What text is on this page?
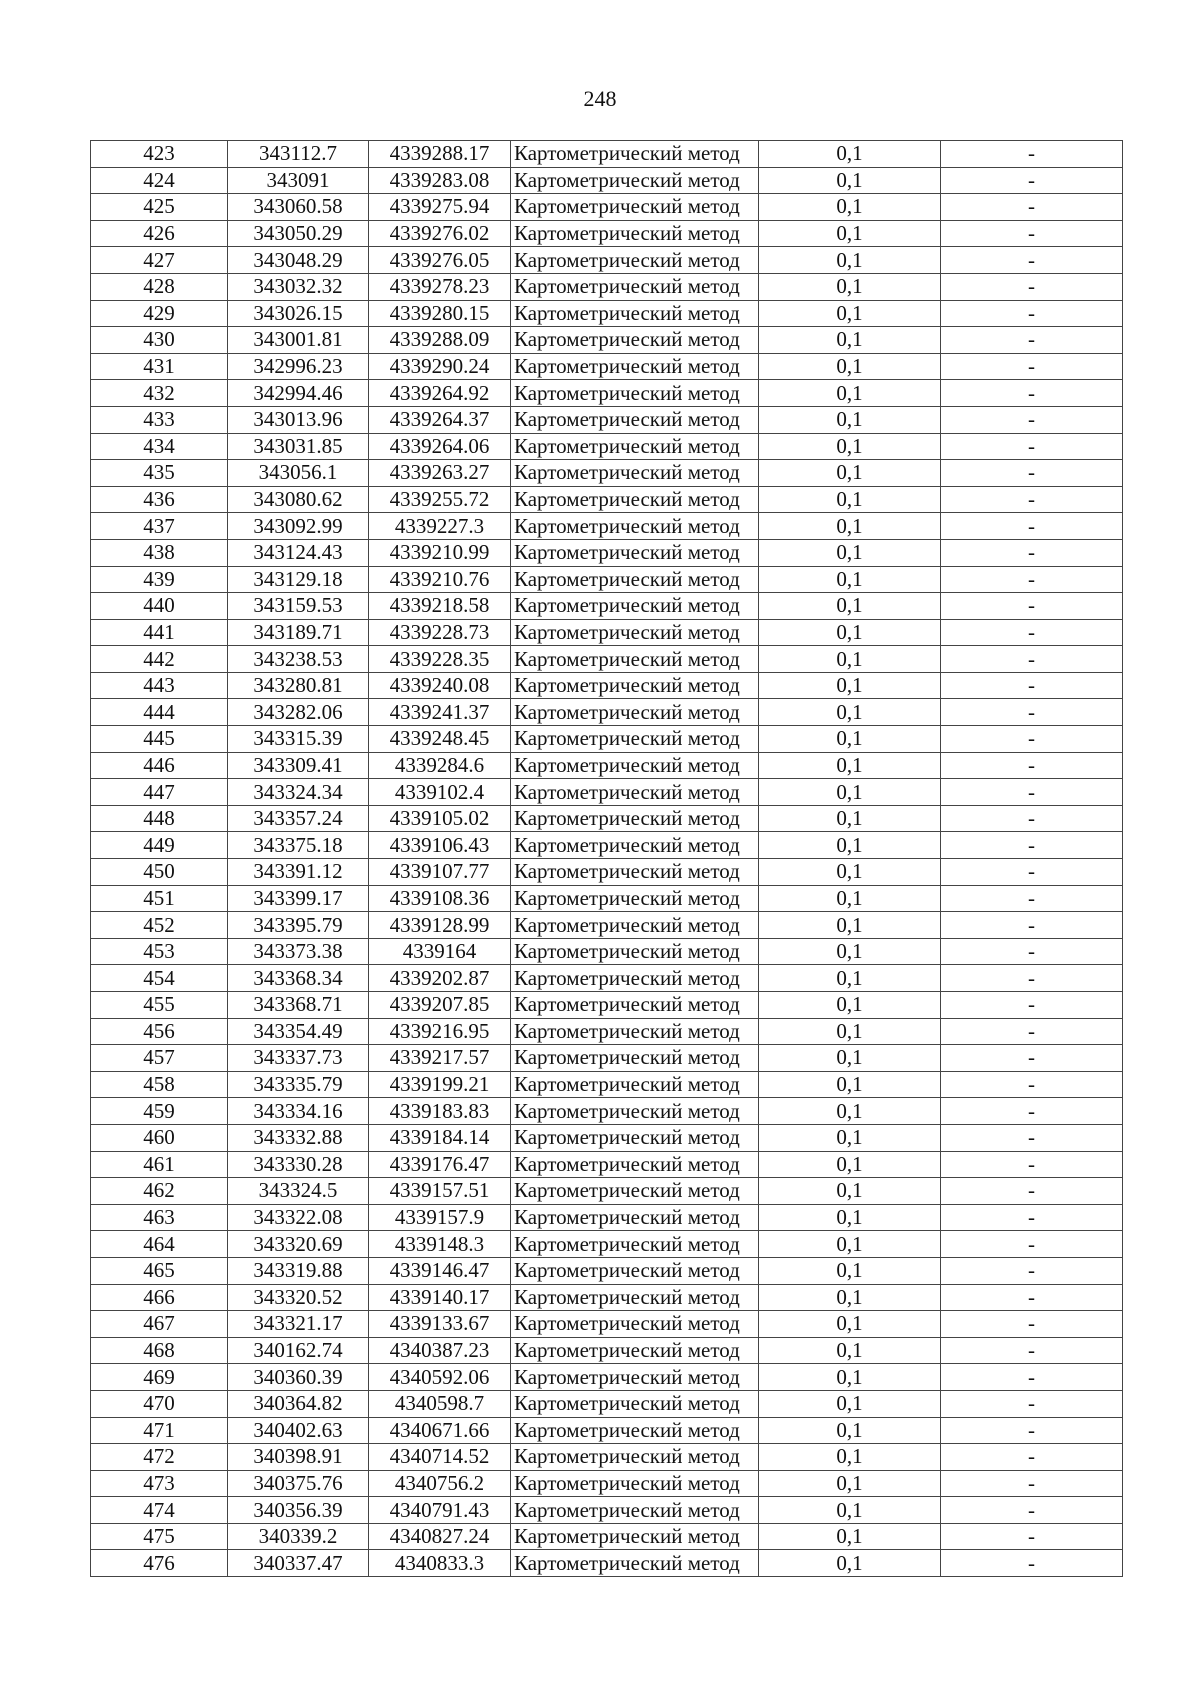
248
423	343112.7	4339288.17	Картометрический метод	0,1	-
424	343091	4339283.08	Картометрический метод	0,1	-
425	343060.58	4339275.94	Картометрический метод	0,1	-
426	343050.29	4339276.02	Картометрический метод	0,1	-
427	343048.29	4339276.05	Картометрический метод	0,1	-
428	343032.32	4339278.23	Картометрический метод	0,1	-
429	343026.15	4339280.15	Картометрический метод	0,1	-
430	343001.81	4339288.09	Картометрический метод	0,1	-
431	342996.23	4339290.24	Картометрический метод	0,1	-
432	342994.46	4339264.92	Картометрический метод	0,1	-
433	343013.96	4339264.37	Картометрический метод	0,1	-
434	343031.85	4339264.06	Картометрический метод	0,1	-
435	343056.1	4339263.27	Картометрический метод	0,1	-
436	343080.62	4339255.72	Картометрический метод	0,1	-
437	343092.99	4339227.3	Картометрический метод	0,1	-
438	343124.43	4339210.99	Картометрический метод	0,1	-
439	343129.18	4339210.76	Картометрический метод	0,1	-
440	343159.53	4339218.58	Картометрический метод	0,1	-
441	343189.71	4339228.73	Картометрический метод	0,1	-
442	343238.53	4339228.35	Картометрический метод	0,1	-
443	343280.81	4339240.08	Картометрический метод	0,1	-
444	343282.06	4339241.37	Картометрический метод	0,1	-
445	343315.39	4339248.45	Картометрический метод	0,1	-
446	343309.41	4339284.6	Картометрический метод	0,1	-
447	343324.34	4339102.4	Картометрический метод	0,1	-
448	343357.24	4339105.02	Картометрический метод	0,1	-
449	343375.18	4339106.43	Картометрический метод	0,1	-
450	343391.12	4339107.77	Картометрический метод	0,1	-
451	343399.17	4339108.36	Картометрический метод	0,1	-
452	343395.79	4339128.99	Картометрический метод	0,1	-
453	343373.38	4339164	Картометрический метод	0,1	-
454	343368.34	4339202.87	Картометрический метод	0,1	-
455	343368.71	4339207.85	Картометрический метод	0,1	-
456	343354.49	4339216.95	Картометрический метод	0,1	-
457	343337.73	4339217.57	Картометрический метод	0,1	-
458	343335.79	4339199.21	Картометрический метод	0,1	-
459	343334.16	4339183.83	Картометрический метод	0,1	-
460	343332.88	4339184.14	Картометрический метод	0,1	-
461	343330.28	4339176.47	Картометрический метод	0,1	-
462	343324.5	4339157.51	Картометрический метод	0,1	-
463	343322.08	4339157.9	Картометрический метод	0,1	-
464	343320.69	4339148.3	Картометрический метод	0,1	-
465	343319.88	4339146.47	Картометрический метод	0,1	-
466	343320.52	4339140.17	Картометрический метод	0,1	-
467	343321.17	4339133.67	Картометрический метод	0,1	-
468	340162.74	4340387.23	Картометрический метод	0,1	-
469	340360.39	4340592.06	Картометрический метод	0,1	-
470	340364.82	4340598.7	Картометрический метод	0,1	-
471	340402.63	4340671.66	Картометрический метод	0,1	-
472	340398.91	4340714.52	Картометрический метод	0,1	-
473	340375.76	4340756.2	Картометрический метод	0,1	-
474	340356.39	4340791.43	Картометрический метод	0,1	-
475	340339.2	4340827.24	Картометрический метод	0,1	-
476	340337.47	4340833.3	Картометрический метод	0,1	-
